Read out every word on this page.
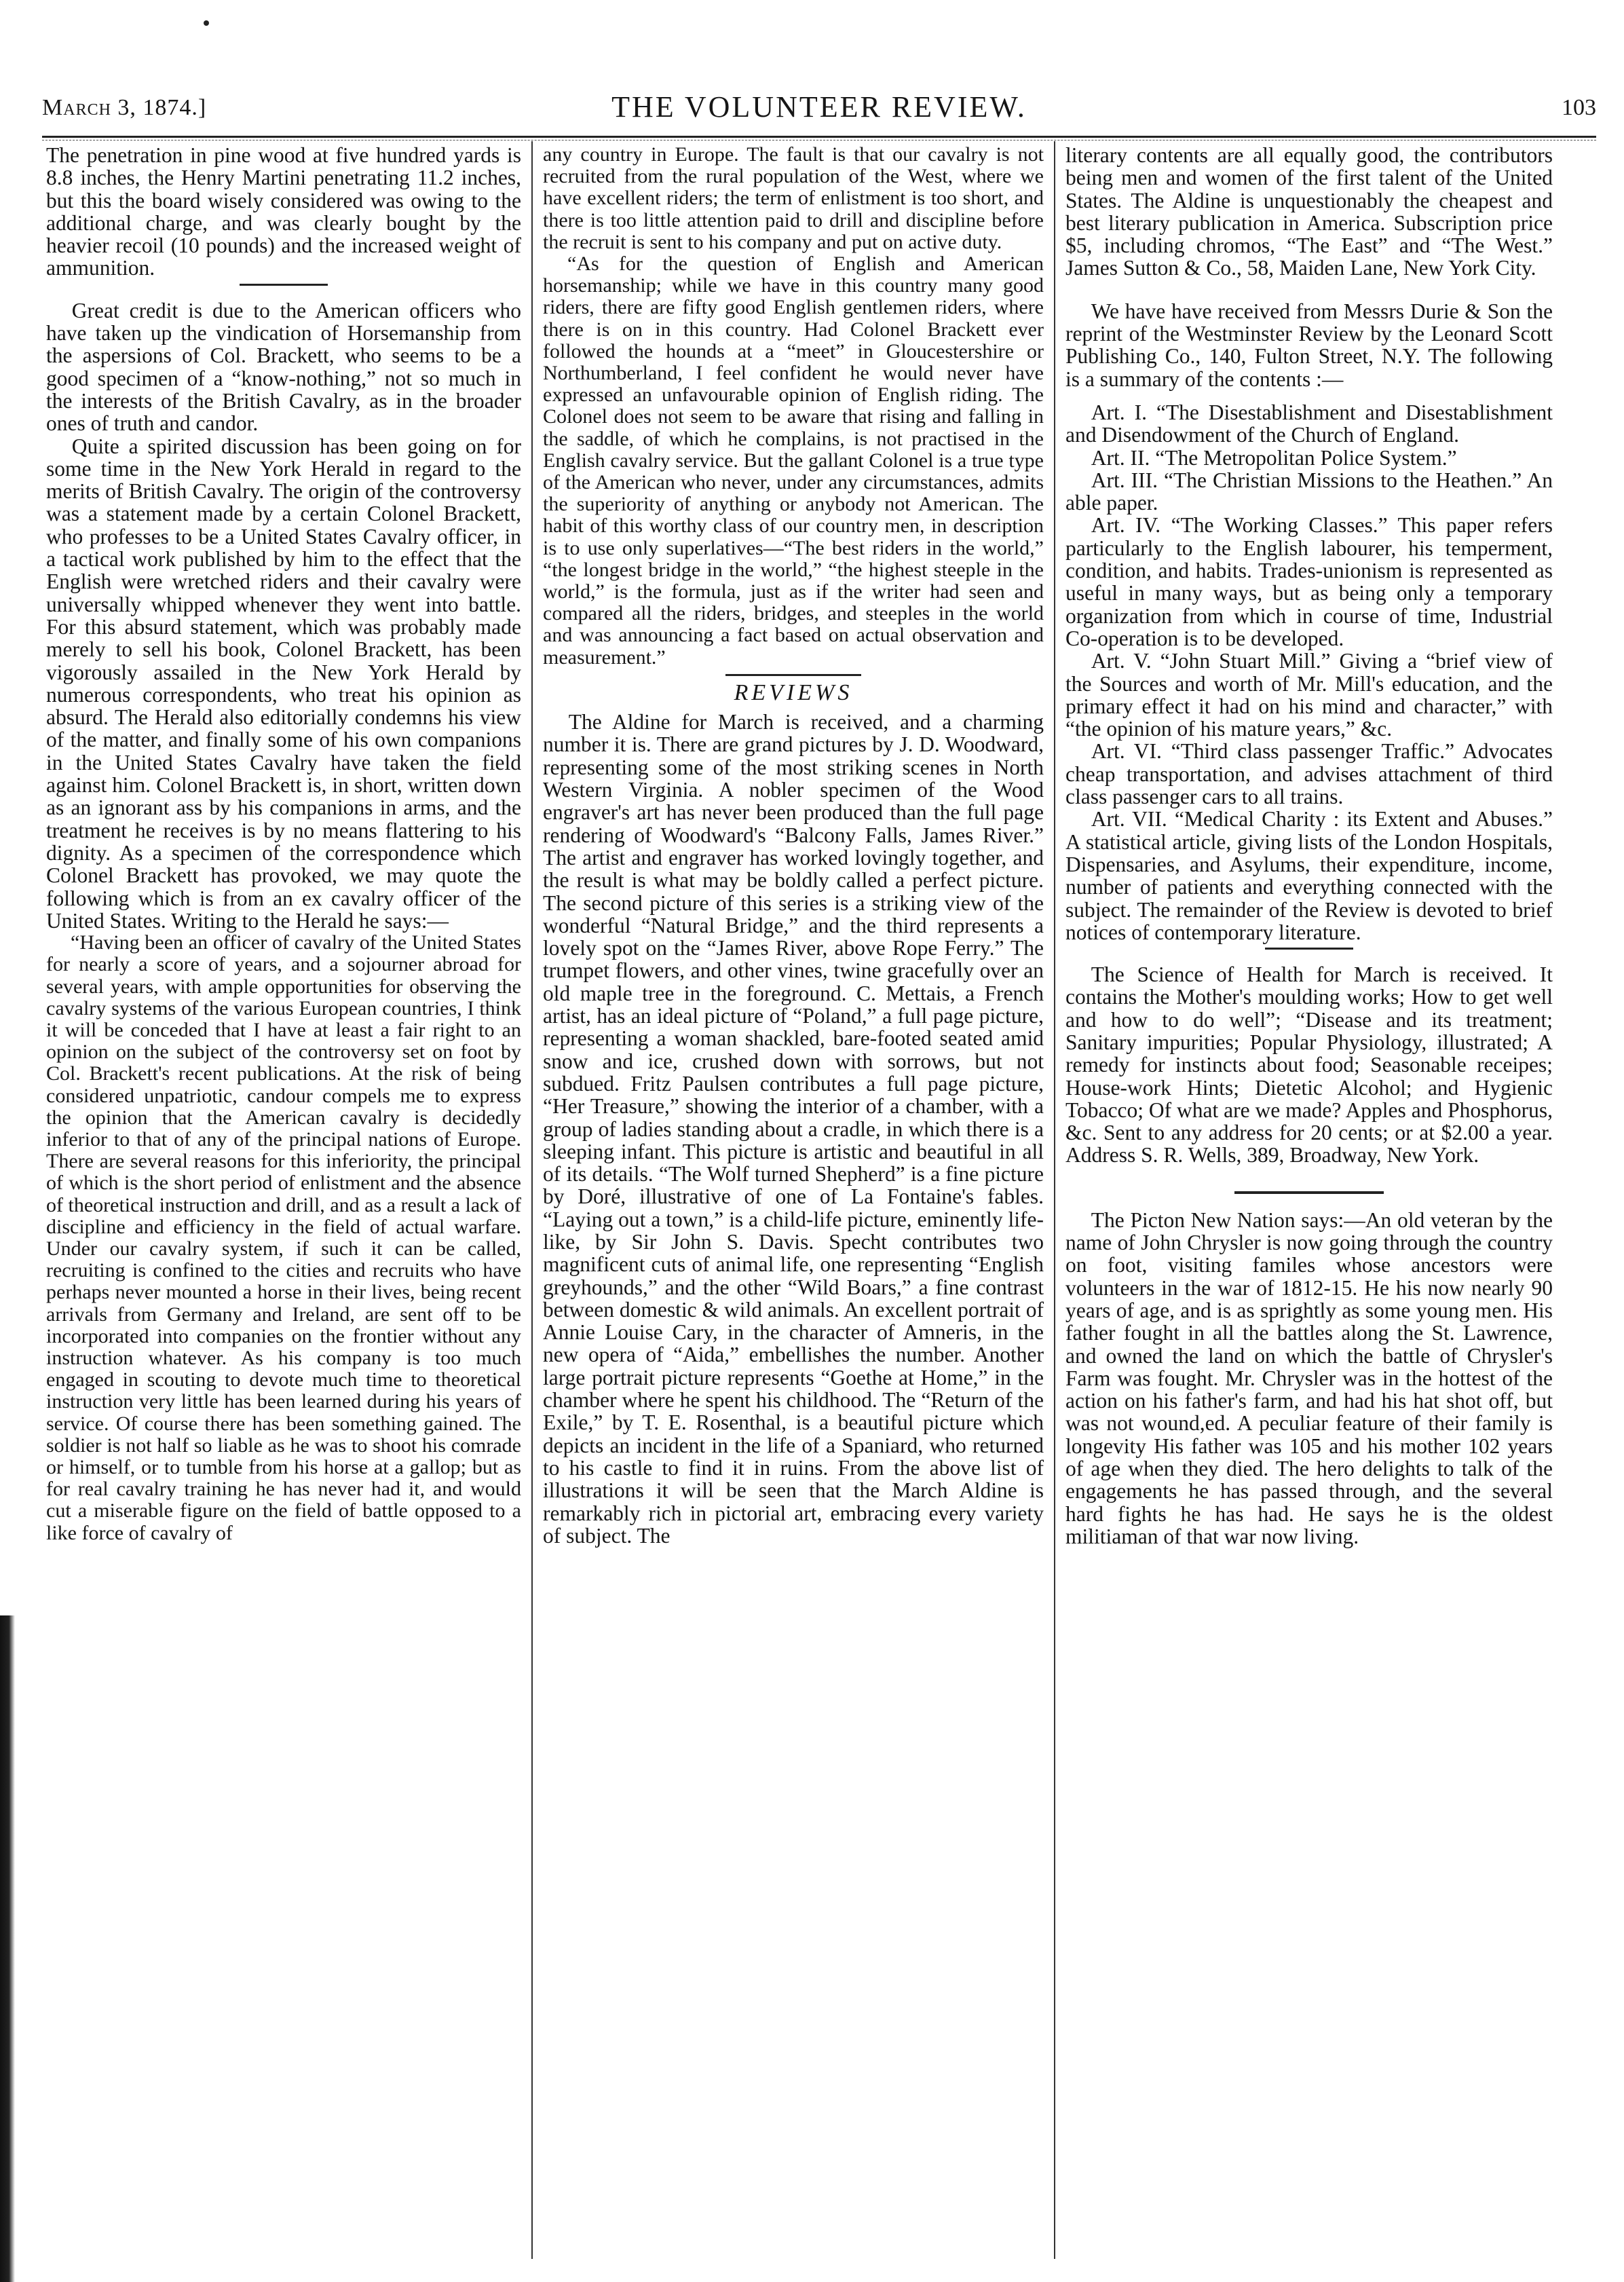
March 3, 1874.]	THE VOLUNTEER REVIEW.	103

The penetration in pine wood at five hundred yards is 8.8 inches, the Henry Martini penetrating 11.2 inches, but this the board wisely considered was owing to the additional charge, and was clearly bought by the heavier recoil (10 pounds) and the increased weight of ammunition.

Great credit is due to the American officers who have taken up the vindication of Horsemanship from the aspersions of Col. Brackett, who seems to be a good specimen of a “know-nothing,” not so much in the interests of the British Cavalry, as in the broader ones of truth and candor.

Quite a spirited discussion has been going on for some time in the New York Herald in regard to the merits of British Cavalry. The origin of the controversy was a statement made by a certain Colonel Brackett, who professes to be a United States Cavalry officer, in a tactical work published by him to the effect that the English were wretched riders and their cavalry were universally whipped whenever they went into battle. For this absurd statement, which was probably made merely to sell his book, Colonel Brackett, has been vigorously assailed in the New York Herald by numerous correspondents, who treat his opinion as absurd. The Herald also editorially condemns his view of the matter, and finally some of his own companions in the United States Cavalry have taken the field against him. Colonel Brackett is, in short, written down as an ignorant ass by his companions in arms, and the treatment he receives is by no means flattering to his dignity. As a specimen of the correspondence which Colonel Brackett has provoked, we may quote the following which is from an ex cavalry officer of the United States. Writing to the Herald he says:—

“Having been an officer of cavalry of the United States for nearly a score of years, and a sojourner abroad for several years, with ample opportunities for observing the cavalry systems of the various European countries, I think it will be conceded that I have at least a fair right to an opinion on the subject of the controversy set on foot by Col. Brackett's recent publications. At the risk of being considered unpatriotic, candour compels me to express the opinion that the American cavalry is decidedly inferior to that of any of the principal nations of Europe. There are several reasons for this inferiority, the principal of which is the short period of enlistment and the absence of theoretical instruction and drill, and as a result a lack of discipline and efficiency in the field of actual warfare. Under our cavalry system, if such it can be called, recruiting is confined to the cities and recruits who have perhaps never mounted a horse in their lives, being recent arrivals from Germany and Ireland, are sent off to be incorporated into companies on the frontier without any instruction whatever. As his company is too much engaged in scouting to devote much time to theoretical instruction very little has been learned during his years of service. Of course there has been something gained. The soldier is not half so liable as he was to shoot his comrade or himself, or to tumble from his horse at a gallop; but as for real cavalry training he has never had it, and would cut a miserable figure on the field of battle opposed to a like force of cavalry of

any country in Europe. The fault is that our cavalry is not recruited from the rural population of the West, where we have excellent riders; the term of enlistment is too short, and there is too little attention paid to drill and discipline before the recruit is sent to his company and put on active duty.

“As for the question of English and American horsemanship; while we have in this country many good riders, there are fifty good English gentlemen riders, where there is on in this country. Had Colonel Brackett ever followed the hounds at a “meet” in Gloucestershire or Northumberland, I feel confident he would never have expressed an unfavourable opinion of English riding. The Colonel does not seem to be aware that rising and falling in the saddle, of which he complains, is not practised in the English cavalry service. But the gallant Colonel is a true type of the American who never, under any circumstances, admits the superiority of anything or anybody not American. The habit of this worthy class of our country men, in description is to use only superlatives—“The best riders in the world,” “the longest bridge in the world,” “the highest steeple in the world,” is the formula, just as if the writer had seen and compared all the riders, bridges, and steeples in the world and was announcing a fact based on actual observation and measurement.”

REVIEWS

The Aldine for March is received, and a charming number it is. There are grand pictures by J. D. Woodward, representing some of the most striking scenes in North Western Virginia. A nobler specimen of the Wood engraver's art has never been produced than the full page rendering of Woodward's “Balcony Falls, James River.” The artist and engraver has worked lovingly together, and the result is what may be boldly called a perfect picture. The second picture of this series is a striking view of the wonderful “Natural Bridge,” and the third represents a lovely spot on the “James River, above Rope Ferry.” The trumpet flowers, and other vines, twine gracefully over an old maple tree in the foreground. C. Mettais, a French artist, has an ideal picture of “Poland,” a full page picture, representing a woman shackled, bare-footed seated amid snow and ice, crushed down with sorrows, but not subdued. Fritz Paulsen contributes a full page picture, “Her Treasure,” showing the interior of a chamber, with a group of ladies standing about a cradle, in which there is a sleeping infant. This picture is artistic and beautiful in all of its details. “The Wolf turned Shepherd” is a fine picture by Doré, illustrative of one of La Fontaine's fables. “Laying out a town,” is a child-life picture, eminently life-like, by Sir John S. Davis. Specht contributes two magnificent cuts of animal life, one representing “English greyhounds,” and the other “Wild Boars,” a fine contrast between domestic & wild animals. An excellent portrait of Annie Louise Cary, in the character of Amneris, in the new opera of “Aida,” embellishes the number. Another large portrait picture represents “Goethe at Home,” in the chamber where he spent his childhood. The “Return of the Exile,” by T. E. Rosenthal, is a beautiful picture which depicts an incident in the life of a Spaniard, who returned to his castle to find it in ruins. From the above list of illustrations it will be seen that the March Aldine is remarkably rich in pictorial art, embracing every variety of subject. The

literary contents are all equally good, the contributors being men and women of the first talent of the United States. The Aldine is unquestionably the cheapest and best literary publication in America. Subscription price $5, including chromos, “The East” and “The West.” James Sutton & Co., 58, Maiden Lane, New York City.

We have have received from Messrs Durie & Son the reprint of the Westminster Review by the Leonard Scott Publishing Co., 140, Fulton Street, N.Y. The following is a summary of the contents :—

Art. I. “The Disestablishment and Disestablishment and Disendowment of the Church of England.

Art. II. “The Metropolitan Police System.”

Art. III. “The Christian Missions to the Heathen.” An able paper.

Art. IV. “The Working Classes.” This paper refers particularly to the English labourer, his temperment, condition, and habits. Trades-unionism is represented as useful in many ways, but as being only a temporary organization from which in course of time, Industrial Co-operation is to be developed.

Art. V. “John Stuart Mill.” Giving a “brief view of the Sources and worth of Mr. Mill's education, and the primary effect it had on his mind and character,” with “the opinion of his mature years,” &c.

Art. VI. “Third class passenger Traffic.” Advocates cheap transportation, and advises attachment of third class passenger cars to all trains.

Art. VII. “Medical Charity : its Extent and Abuses.” A statistical article, giving lists of the London Hospitals, Dispensaries, and Asylums, their expenditure, income, number of patients and everything connected with the subject. The remainder of the Review is devoted to brief notices of contemporary literature.

The Science of Health for March is received. It contains the Mother's moulding works; How to get well and how to do well”; “Disease and its treatment; Sanitary impurities; Popular Physiology, illustrated; A remedy for instincts about food; Seasonable receipes; House-work Hints; Dietetic Alcohol; and Hygienic Tobacco; Of what are we made? Apples and Phosphorus, &c. Sent to any address for 20 cents; or at $2.00 a year. Address S. R. Wells, 389, Broadway, New York.

The Picton New Nation says:—An old veteran by the name of John Chrysler is now going through the country on foot, visiting familes whose ancestors were volunteers in the war of 1812-15. He his now nearly 90 years of age, and is as sprightly as some young men. His father fought in all the battles along the St. Lawrence, and owned the land on which the battle of Chrysler's Farm was fought. Mr. Chrysler was in the hottest of the action on his father's farm, and had his hat shot off, but was not wound,ed. A peculiar feature of their family is longevity His father was 105 and his mother 102 years of age when they died. The hero delights to talk of the engagements he has passed through, and the several hard fights he has had. He says he is the oldest militiaman of that war now living.
